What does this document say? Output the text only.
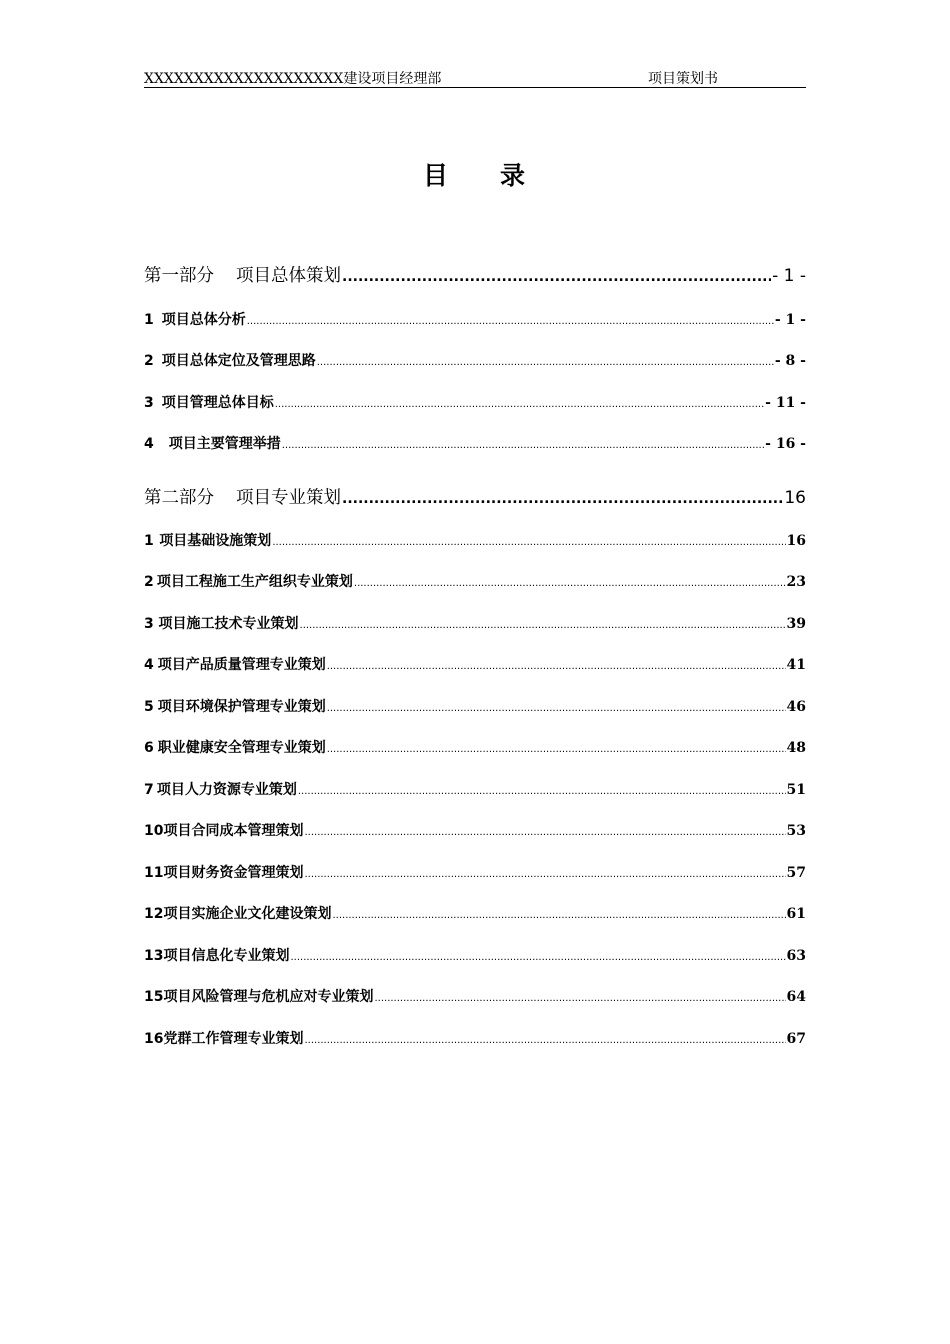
XXXXXXXXXXXXXXXXXXXX建设项目经理部	项目策划书
目 录
第一部分 项目总体策划 .....	- 1 -
1 项目总体分析 .....	- 1 -
2 项目总体定位及管理思路 .....	- 8 -
3 项目管理总体目标 .....	- 11 -
4 项目主要管理举措 .....	- 16 -
第二部分 项目专业策划 .....	16
1 项目基础设施策划 .....	16
2 项目工程施工生产组织专业策划 .....	23
3 项目施工技术专业策划 .....	39
4 项目产品质量管理专业策划 .....	41
5 项目环境保护管理专业策划 .....	46
6 职业健康安全管理专业策划 .....	48
7 项目人力资源专业策划 .....	51
10 项目合同成本管理策划 .....	53
11 项目财务资金管理策划 .....	57
12 项目实施企业文化建设策划 .....	61
13 项目信息化专业策划 .....	63
15 项目风险管理与危机应对专业策划 .....	64
16 党群工作管理专业策划 .....	67
